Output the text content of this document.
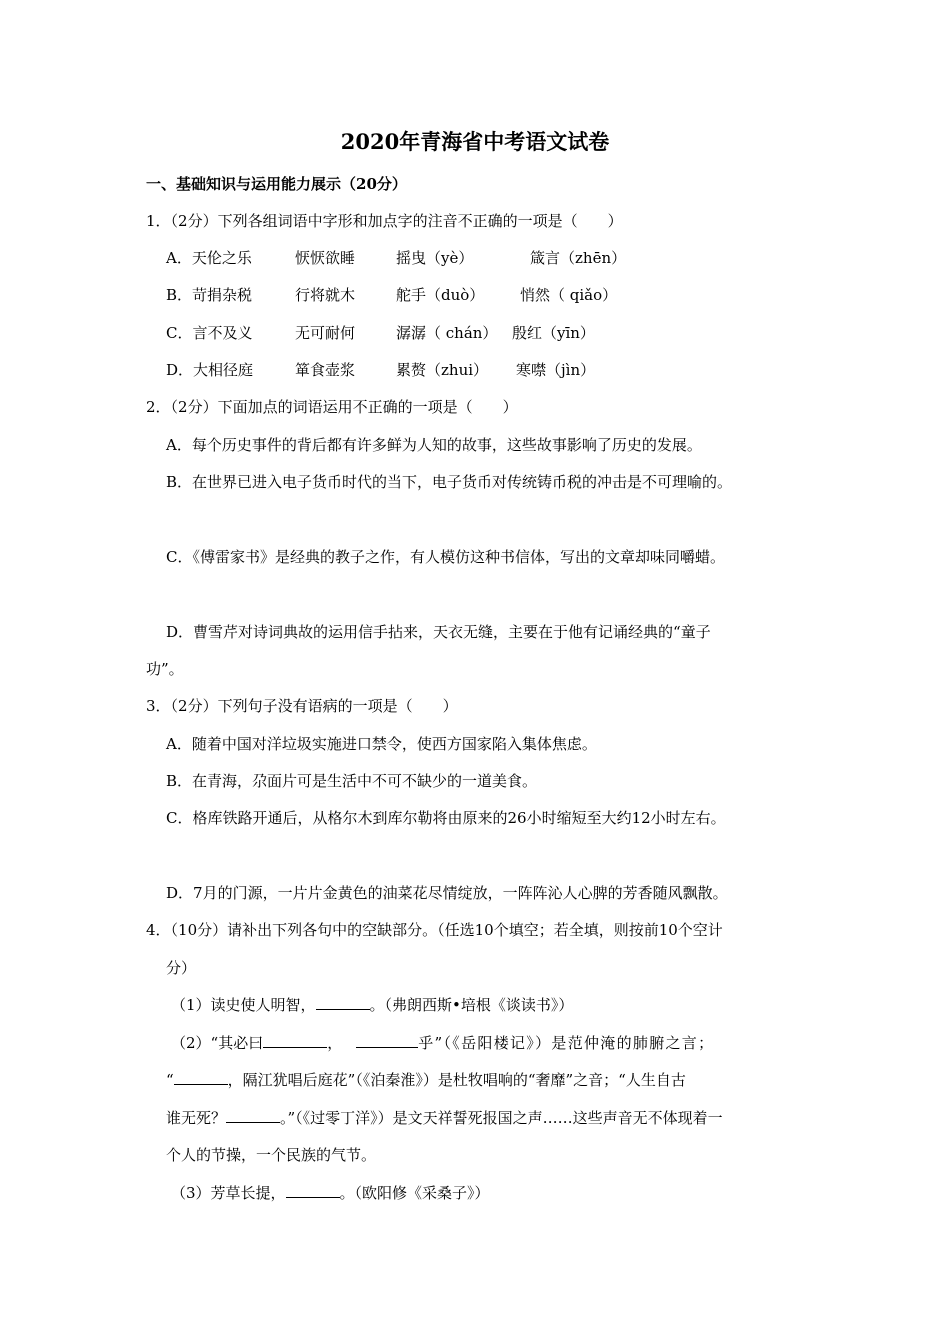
2020年青海省中考语文试卷
一、基础知识与运用能力展示（20分）
1．（2分）下列各组词语中字形和加点字的注音不正确的一项是（　　）
A．天伦之乐	恹恹欲睡	摇曳（yè）	箴言（zhēn）
B．苛捐杂税	行将就木	舵手（duò） 悄然（ qiǎo）
C．言不及义	无可耐何	潺潺（ chán） 殷红（yīn）
D．大相径庭	箪食壶浆	累赘（zhui） 寒噤（jìn）
2．（2分）下面加点的词语运用不正确的一项是（　　）
A．每个历史事件的背后都有许多鲜为人知的故事，这些故事影响了历史的发展。
B．在世界已进入电子货币时代的当下，电子货币对传统铸币税的冲击是不可理喻的。
C．《傅雷家书》是经典的教子之作，有人模仿这种书信体，写出的文章却味同嚼蜡。
D．曹雪芹对诗词典故的运用信手拈来，天衣无缝，主要在于他有记诵经典的“童子
功”。
3．（2分）下列句子没有语病的一项是（　　）
A．随着中国对洋垃圾实施进口禁令，使西方国家陷入集体焦虑。
B．在青海，尕面片可是生活中不可不缺少的一道美食。
C．格库铁路开通后，从格尔木到库尔勒将由原来的26小时缩短至大约12小时左右。
D．7月的门源，一片片金黄色的油菜花尽情绽放，一阵阵沁人心脾的芳香随风飘散。
4．（10分）请补出下列各句中的空缺部分。（任选10个填空；若全填，则按前10个空计
分）
（1）读史使人明智，	。（弗朗西斯•培根《谈读书》）
（2）“其必曰	，	乎”（《岳阳楼记》）是范仲淹的肺腑之言；
“	，隔江犹唱后庭花”（《泊秦淮》）是杜牧唱响的“奢靡”之音；“人生自古
谁无死？	。”（《过零丁洋》）是文天祥誓死报国之声……这些声音无不体现着一
个人的节操，一个民族的气节。
（3）芳草长提，	。（欧阳修《采桑子》）
